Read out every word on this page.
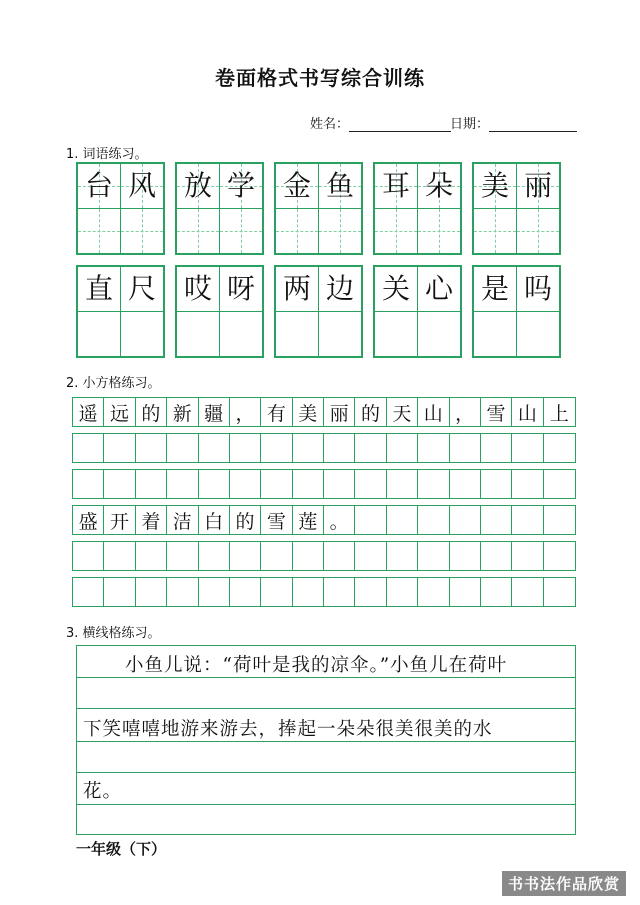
卷面格式书写综合训练
姓名：	日期：
1. 词语练习。
台 风 放 学 金 鱼 耳 朵 美 丽
直 尺 哎 呀 两 边 关 心 是 吗
2. 小方格练习。
遥 远 的 新 疆 ， 有 美 丽 的 天 山 ， 雪 山 上
盛 开 着 洁 白 的 雪 莲 。
3. 横线格练习。
小鱼儿说：“荷叶是我的凉伞。”小鱼儿在荷叶
下笑嘻嘻地游来游去，捧起一朵朵很美很美的水
花。
一年级（下）
书书法作品欣赏
